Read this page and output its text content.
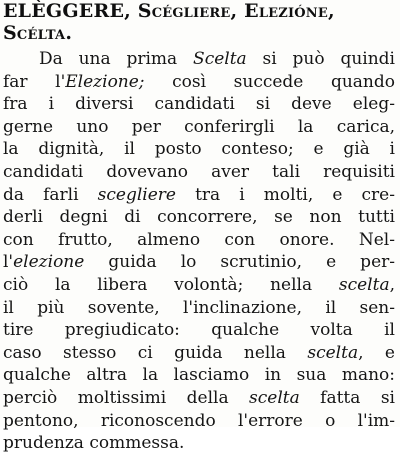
ELÈGGERE, Scégliere, Elezióne,
Scélta.
Da una prima Scelta si può quindi
far l'Elezione; così succede quando
fra i diversi candidati si deve eleg-
gerne uno per conferirgli la carica,
la dignità, il posto conteso; e già i
candidati dovevano aver tali requisiti
da farli scegliere tra i molti, e cre-
derli degni di concorrere, se non tutti
con frutto, almeno con onore. Nel-
l'elezione guida lo scrutinio, e per-
ciò la libera volontà; nella scelta,
il più sovente, l'inclinazione, il sen-
tire pregiudicato: qualche volta il
caso stesso ci guida nella scelta, e
qualche altra la lasciamo in sua mano:
perciò moltissimi della scelta fatta si
pentono, riconoscendo l'errore o l'im-
prudenza commessa.
